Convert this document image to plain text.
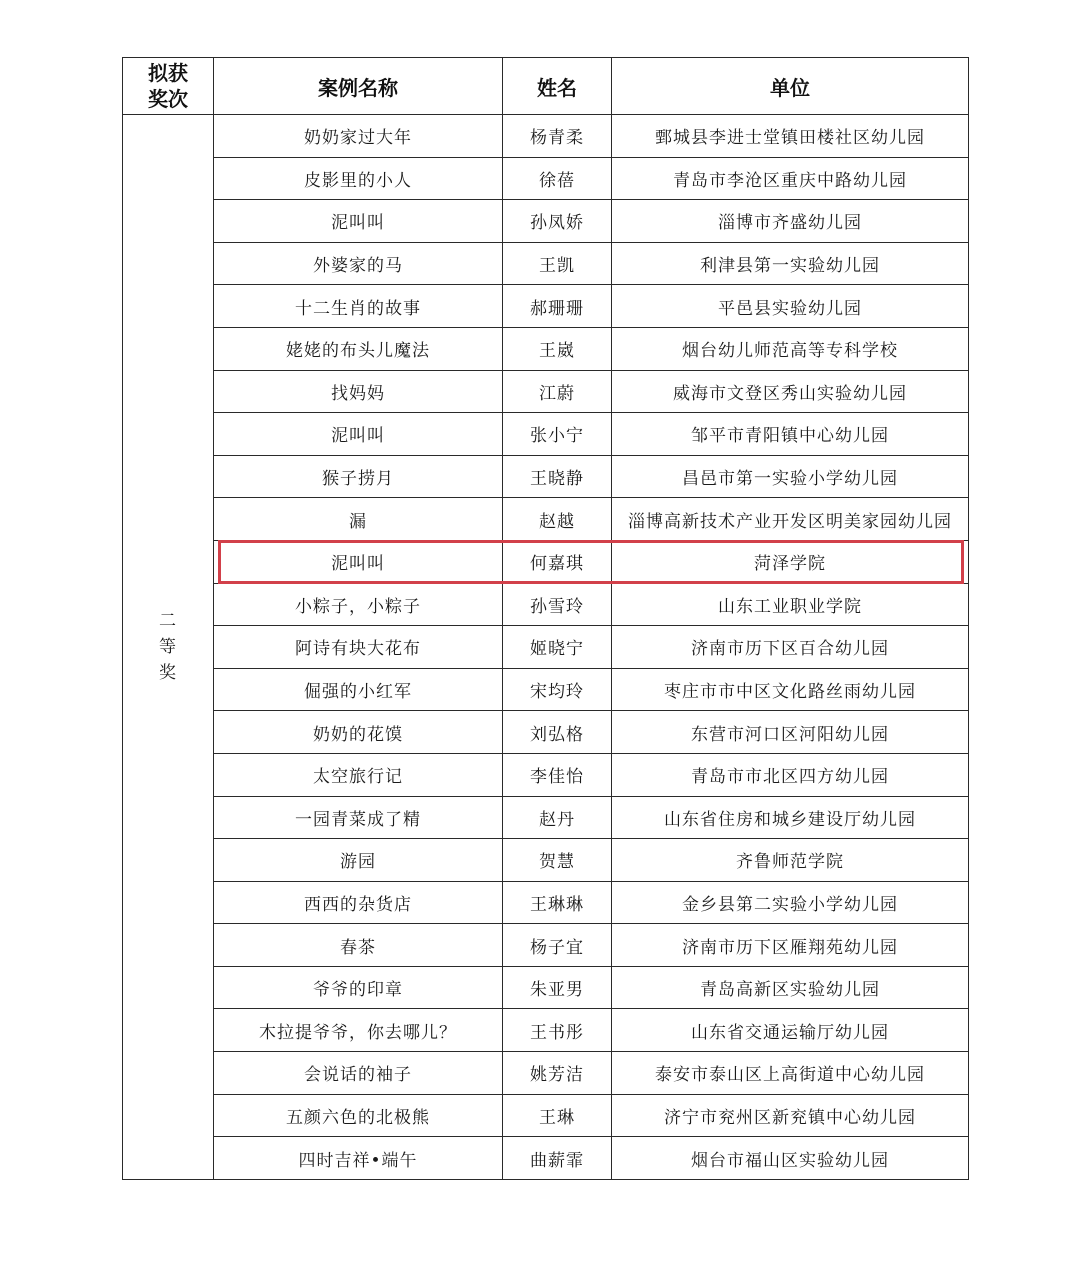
拟获
奖次	案例名称	姓名	单位

二
等
奖	奶奶家过大年	杨青柔	鄄城县李进士堂镇田楼社区幼儿园
	皮影里的小人	徐蓓	青岛市李沧区重庆中路幼儿园
	泥叫叫	孙凤娇	淄博市齐盛幼儿园
	外婆家的马	王凯	利津县第一实验幼儿园
	十二生肖的故事	郝珊珊	平邑县实验幼儿园
	姥姥的布头儿魔法	王崴	烟台幼儿师范高等专科学校
	找妈妈	江蔚	威海市文登区秀山实验幼儿园
	泥叫叫	张小宁	邹平市青阳镇中心幼儿园
	猴子捞月	王晓静	昌邑市第一实验小学幼儿园
	漏	赵越	淄博高新技术产业开发区明美家园幼儿园
	泥叫叫	何嘉琪	菏泽学院
	小粽子，小粽子	孙雪玲	山东工业职业学院
	阿诗有块大花布	姬晓宁	济南市历下区百合幼儿园
	倔强的小红军	宋均玲	枣庄市市中区文化路丝雨幼儿园
	奶奶的花馍	刘弘格	东营市河口区河阳幼儿园
	太空旅行记	李佳怡	青岛市市北区四方幼儿园
	一园青菜成了精	赵丹	山东省住房和城乡建设厅幼儿园
	游园	贺慧	齐鲁师范学院
	西西的杂货店	王琳琳	金乡县第二实验小学幼儿园
	春茶	杨子宜	济南市历下区雁翔苑幼儿园
	爷爷的印章	朱亚男	青岛高新区实验幼儿园
	木拉提爷爷，你去哪儿？	王书彤	山东省交通运输厅幼儿园
	会说话的袖子	姚芳洁	泰安市泰山区上高街道中心幼儿园
	五颜六色的北极熊	王琳	济宁市兖州区新兖镇中心幼儿园
	四时吉祥•端午	曲薪霏	烟台市福山区实验幼儿园
